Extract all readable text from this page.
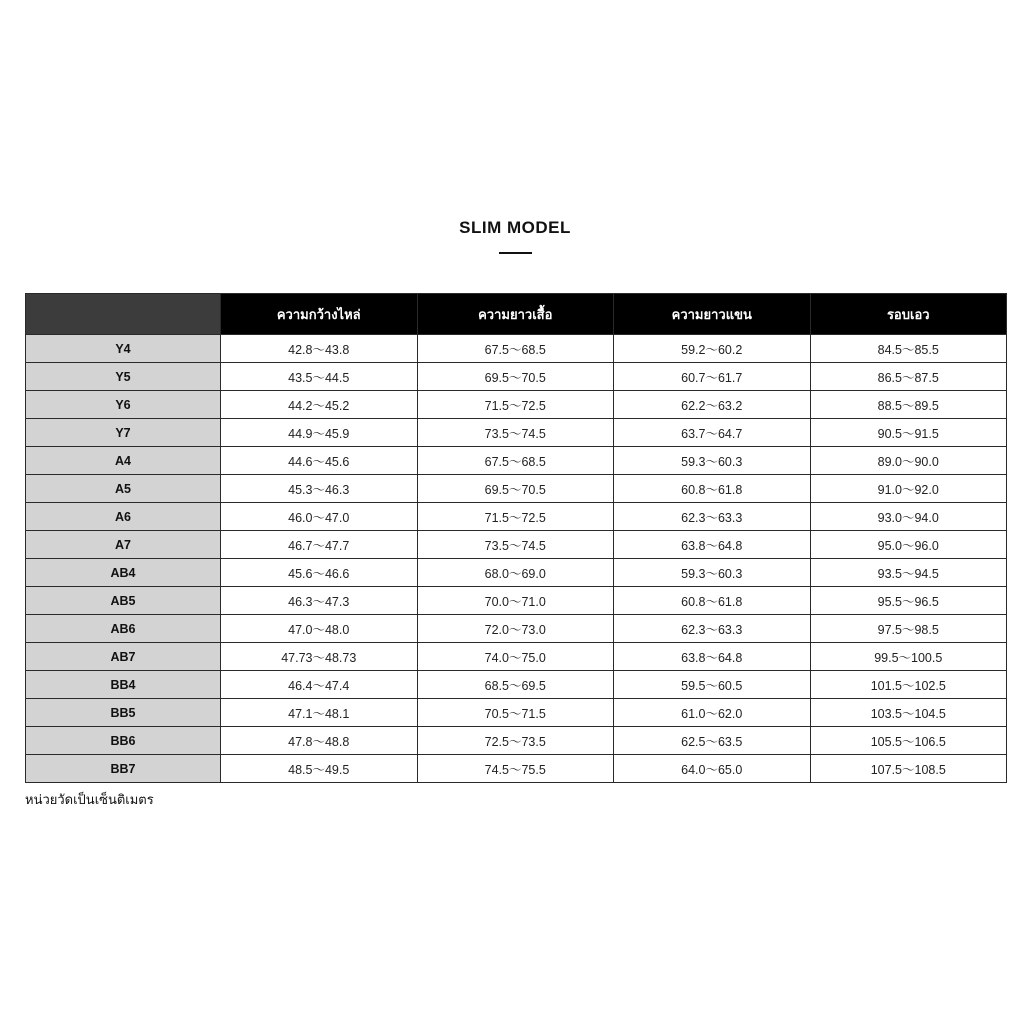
SLIM MODEL
	ความกว้างไหล่	ความยาวเสื้อ	ความยาวแขน	รอบเอว
Y4	42.8～43.8	67.5～68.5	59.2～60.2	84.5～85.5
Y5	43.5～44.5	69.5～70.5	60.7～61.7	86.5～87.5
Y6	44.2～45.2	71.5～72.5	62.2～63.2	88.5～89.5
Y7	44.9～45.9	73.5～74.5	63.7～64.7	90.5～91.5
A4	44.6～45.6	67.5～68.5	59.3～60.3	89.0～90.0
A5	45.3～46.3	69.5～70.5	60.8～61.8	91.0～92.0
A6	46.0～47.0	71.5～72.5	62.3～63.3	93.0～94.0
A7	46.7～47.7	73.5～74.5	63.8～64.8	95.0～96.0
AB4	45.6～46.6	68.0～69.0	59.3～60.3	93.5～94.5
AB5	46.3～47.3	70.0～71.0	60.8～61.8	95.5～96.5
AB6	47.0～48.0	72.0～73.0	62.3～63.3	97.5～98.5
AB7	47.73～48.73	74.0～75.0	63.8～64.8	99.5～100.5
BB4	46.4～47.4	68.5～69.5	59.5～60.5	101.5～102.5
BB5	47.1～48.1	70.5～71.5	61.0～62.0	103.5～104.5
BB6	47.8～48.8	72.5～73.5	62.5～63.5	105.5～106.5
BB7	48.5～49.5	74.5～75.5	64.0～65.0	107.5～108.5
หน่วยวัดเป็นเซ็นติเมตร
